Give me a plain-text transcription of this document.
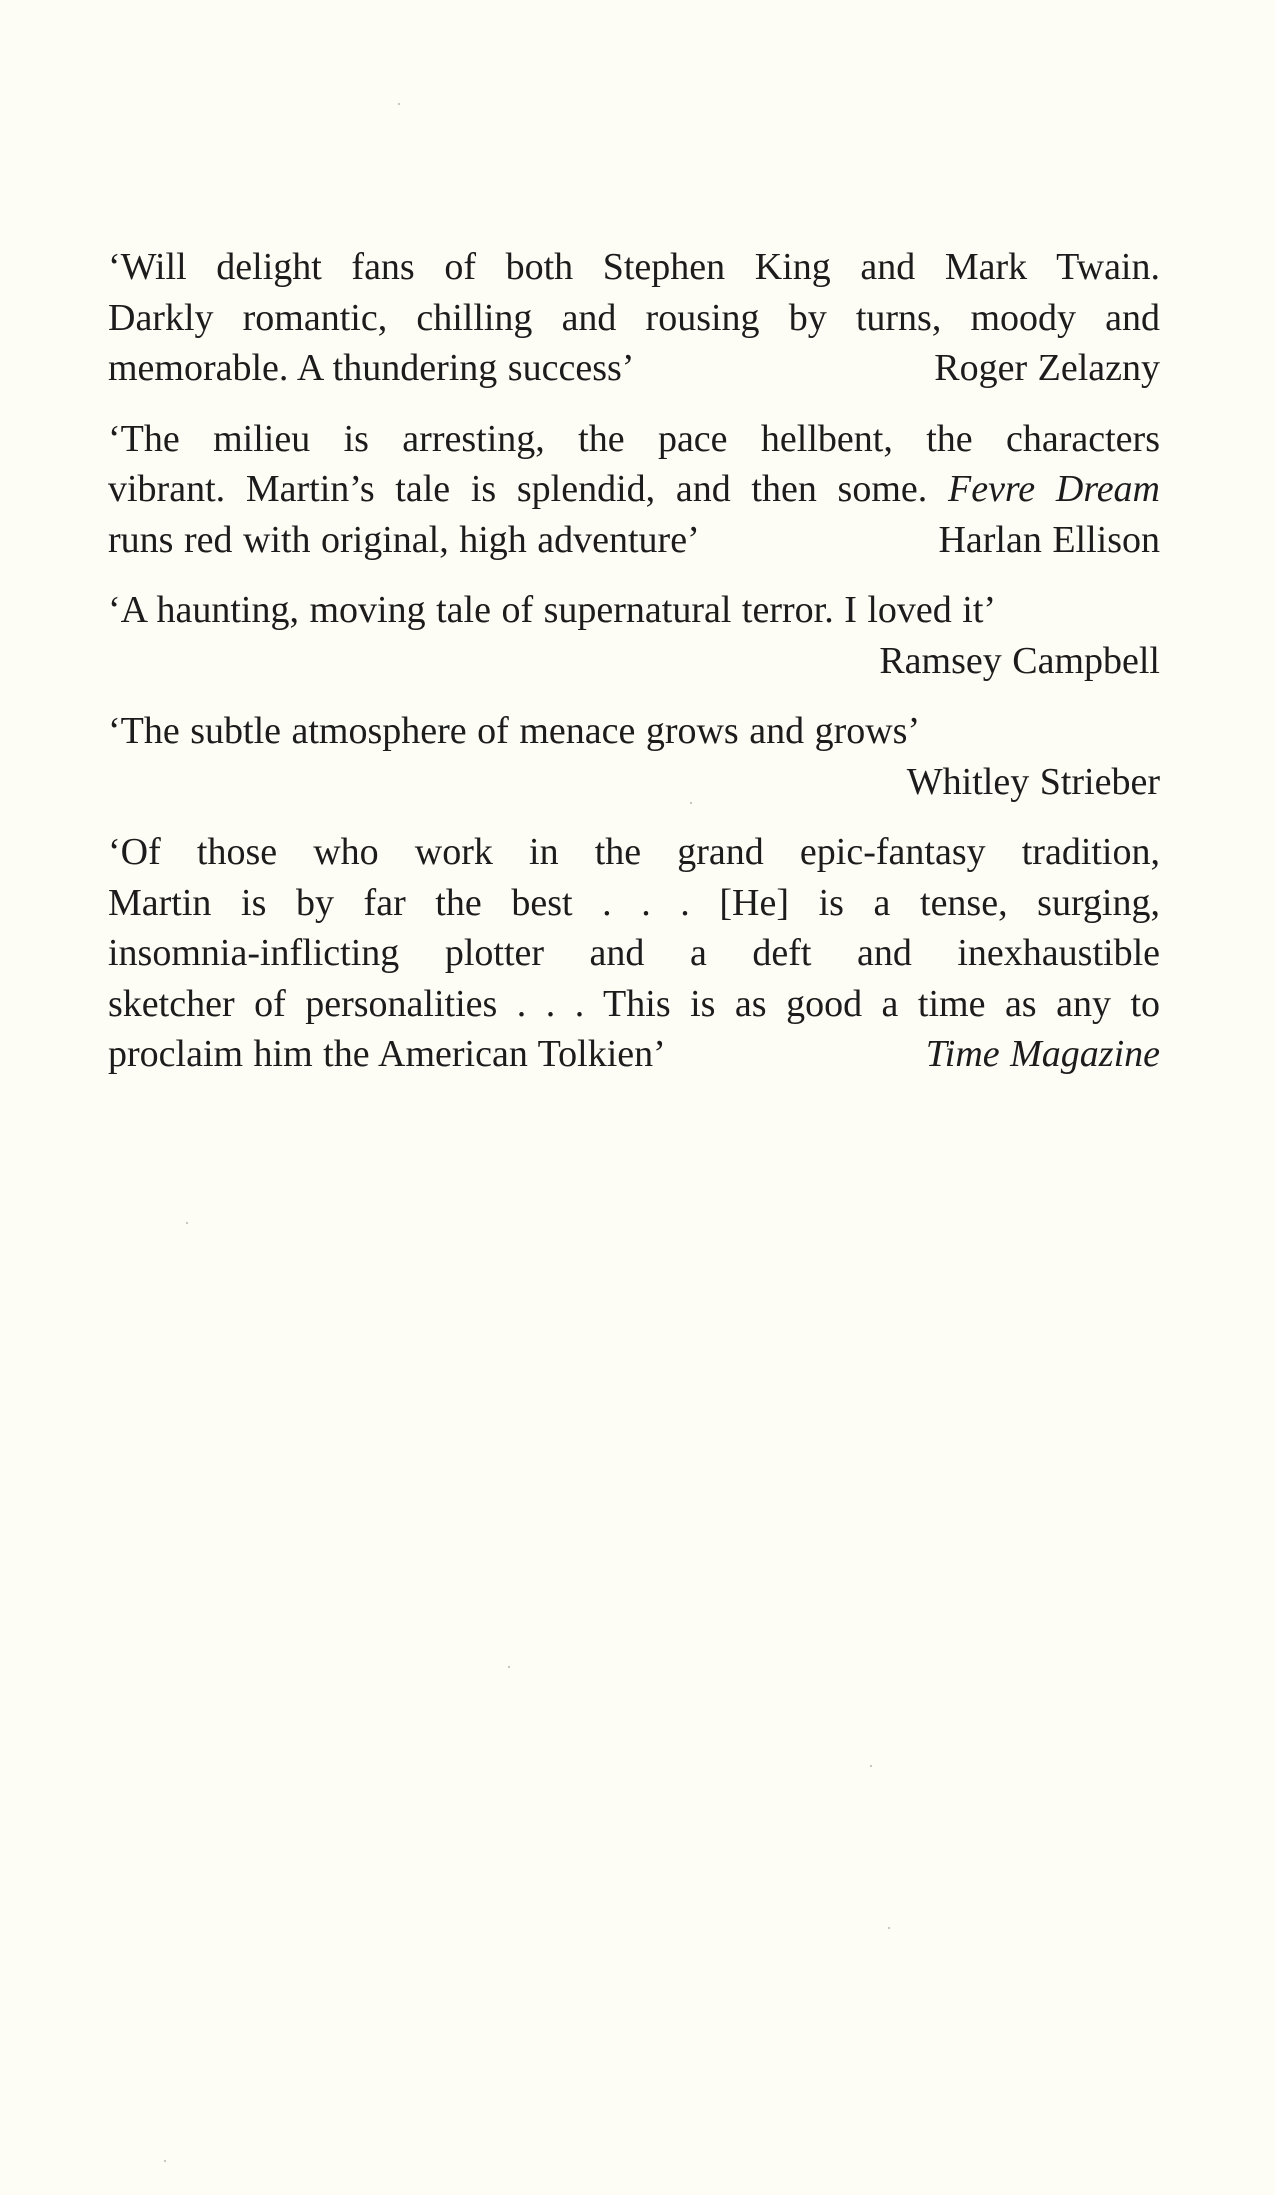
‘Will delight fans of both Stephen King and Mark Twain.
Darkly romantic, chilling and rousing by turns, moody and
memorable. A thundering success’	Roger Zelazny
‘The milieu is arresting, the pace hellbent, the characters
vibrant. Martin’s tale is splendid, and then some. Fevre Dream
runs red with original, high adventure’	Harlan Ellison
‘A haunting, moving tale of supernatural terror. I loved it’
Ramsey Campbell
‘The subtle atmosphere of menace grows and grows’
Whitley Strieber
‘Of those who work in the grand epic-fantasy tradition,
Martin is by far the best . . . [He] is a tense, surging,
insomnia-inflicting plotter and a deft and inexhaustible
sketcher of personalities . . . This is as good a time as any to
proclaim him the American Tolkien’	Time Magazine
